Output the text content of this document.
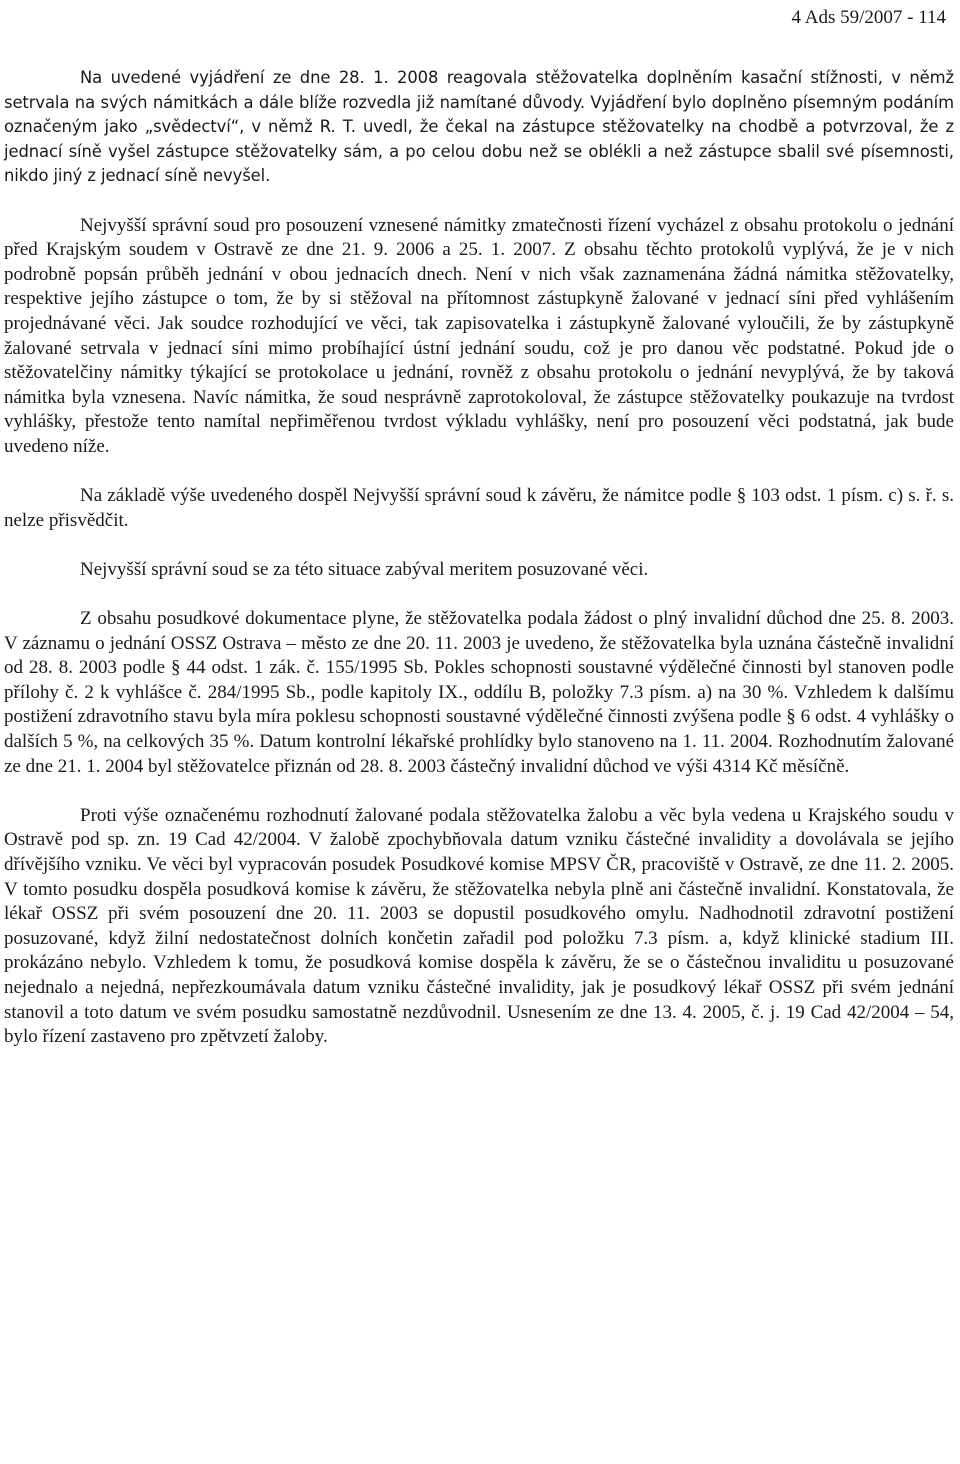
4 Ads 59/2007 - 114

Na uvedené vyjádření ze dne 28. 1. 2008 reagovala stěžovatelka doplněním kasační stížnosti, v němž setrvala na svých námitkách a dále blíže rozvedla již namítané důvody. Vyjádření bylo doplněno písemným podáním označeným jako „svědectví“, v němž R. T. uvedl, že čekal na zástupce stěžovatelky na chodbě a potvrzoval, že z jednací síně vyšel zástupce stěžovatelky sám, a po celou dobu než se oblékli a než zástupce sbalil své písemnosti, nikdo jiný z jednací síně nevyšel.

Nejvyšší správní soud pro posouzení vznesené námitky zmatečnosti řízení vycházel z obsahu protokolu o jednání před Krajským soudem v Ostravě ze dne 21. 9. 2006 a 25. 1. 2007. Z obsahu těchto protokolů vyplývá, že je v nich podrobně popsán průběh jednání v obou jednacích dnech. Není v nich však zaznamenána žádná námitka stěžovatelky, respektive jejího zástupce o tom, že by si stěžoval na přítomnost zástupkyně žalované v jednací síni před vyhlášením projednávané věci. Jak soudce rozhodující ve věci, tak zapisovatelka i zástupkyně žalované vyloučili, že by zástupkyně žalované setrvala v jednací síni mimo probíhající ústní jednání soudu, což je pro danou věc podstatné. Pokud jde o stěžovatelčiny námitky týkající se protokolace u jednání, rovněž z obsahu protokolu o jednání nevyplývá, že by taková námitka byla vznesena. Navíc námitka, že soud nesprávně zaprotokoloval, že zástupce stěžovatelky poukazuje na tvrdost vyhlášky, přestože tento namítal nepřiměřenou tvrdost výkladu vyhlášky, není pro posouzení věci podstatná, jak bude uvedeno níže.

Na základě výše uvedeného dospěl Nejvyšší správní soud k závěru, že námitce podle § 103 odst. 1 písm. c) s. ř. s. nelze přisvědčit.

Nejvyšší správní soud se za této situace zabýval meritem posuzované věci.

Z obsahu posudkové dokumentace plyne, že stěžovatelka podala žádost o plný invalidní důchod dne 25. 8. 2003. V záznamu o jednání OSSZ Ostrava – město ze dne 20. 11. 2003 je uvedeno, že stěžovatelka byla uznána částečně invalidní od 28. 8. 2003 podle § 44 odst. 1 zák. č. 155/1995 Sb. Pokles schopnosti soustavné výdělečné činnosti byl stanoven podle přílohy č. 2 k vyhlášce č. 284/1995 Sb., podle kapitoly IX., oddílu B, položky 7.3 písm. a) na 30 %. Vzhledem k dalšímu postižení zdravotního stavu byla míra poklesu schopnosti soustavné výdělečné činnosti zvýšena podle § 6 odst. 4 vyhlášky o dalších 5 %, na celkových 35 %. Datum kontrolní lékařské prohlídky bylo stanoveno na 1. 11. 2004. Rozhodnutím žalované ze dne 21. 1. 2004 byl stěžovatelce přiznán od 28. 8. 2003 částečný invalidní důchod ve výši 4314 Kč měsíčně.

Proti výše označenému rozhodnutí žalované podala stěžovatelka žalobu a věc byla vedena u Krajského soudu v Ostravě pod sp. zn. 19 Cad 42/2004. V žalobě zpochybňovala datum vzniku částečné invalidity a dovolávala se jejího dřívějšího vzniku. Ve věci byl vypracován posudek Posudkové komise MPSV ČR, pracoviště v Ostravě, ze dne 11. 2. 2005. V tomto posudku dospěla posudková komise k závěru, že stěžovatelka nebyla plně ani částečně invalidní. Konstatovala, že lékař OSSZ při svém posouzení dne 20. 11. 2003 se dopustil posudkového omylu. Nadhodnotil zdravotní postižení posuzované, když žilní nedostatečnost dolních končetin zařadil pod položku 7.3 písm. a, když klinické stadium III. prokázáno nebylo. Vzhledem k tomu, že posudková komise dospěla k závěru, že se o částečnou invaliditu u posuzované nejednalo a nejedná, nepřezkoumávala datum vzniku částečné invalidity, jak je posudkový lékař OSSZ při svém jednání stanovil a toto datum ve svém posudku samostatně nezdůvodnil. Usnesením ze dne 13. 4. 2005, č. j. 19 Cad 42/2004 – 54, bylo řízení zastaveno pro zpětvzetí žaloby.
